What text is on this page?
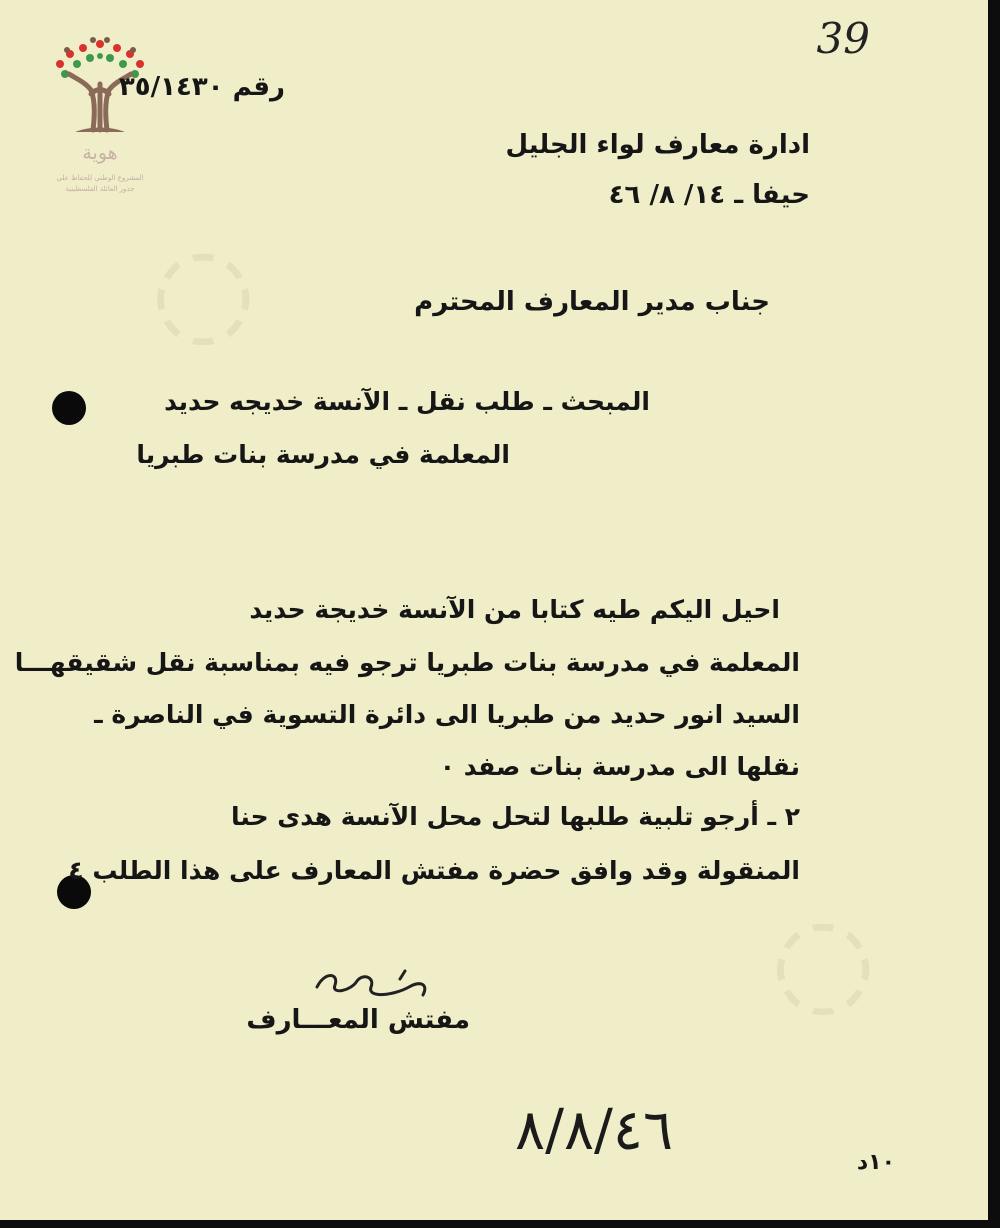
◌
◌
39
هوية
المشروع الوطني للحفاظ على
جذور العائلة الفلسطينية
رقم ٣٥/١٤٣٠
ادارة معارف لواء الجليل
حيفا ـ ١٤/ ٨/ ٤٦
جناب مدير المعارف المحترم
المبحث ـ طلب نقل ـ الآنسة خديجه حديد
المعلمة في مدرسة بنات طبريا
احيل اليكم طيه كتابا من الآنسة خديجة حديد
المعلمة في مدرسة بنات طبريا ترجو فيه بمناسبة نقل شقيقهـــا
السيد انور حديد من طبريا الى دائرة التسوية في الناصرة ـ
نقلها الى مدرسة بنات صفد ٠
٢ ـ أرجو تلبية طلبها لتحل محل الآنسة هدى حنا
المنقولة وقد وافق حضرة مفتش المعارف على هذا الطلب ٤
مفتش المعـــارف
٨/٨/٤٦	١٠د
